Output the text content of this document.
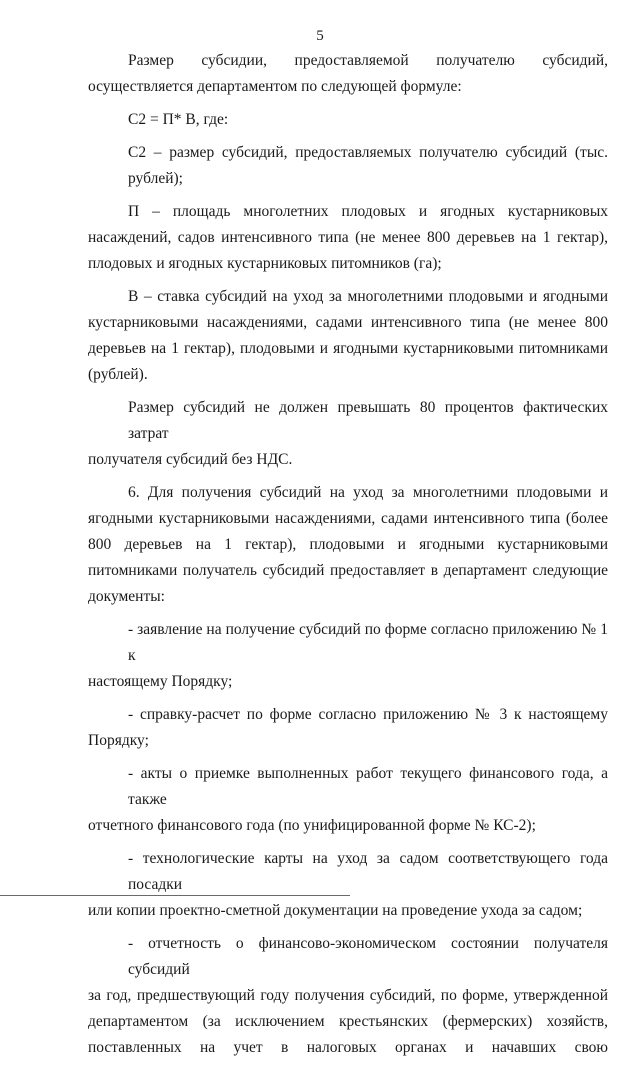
5
Размер субсидии, предоставляемой получателю субсидий,
осуществляется департаментом по следующей формуле:
С2 = П* В, где:
С2 – размер субсидий, предоставляемых получателю субсидий (тыс. рублей);
П – площадь многолетних плодовых и ягодных кустарниковых
насаждений, садов интенсивного типа (не менее 800 деревьев на 1 гектар),
плодовых и ягодных кустарниковых питомников (га);
В – ставка субсидий на уход за многолетними плодовыми и ягодными
кустарниковыми насаждениями, садами интенсивного типа (не менее 800
деревьев на 1 гектар), плодовыми и ягодными кустарниковыми питомниками
(рублей).
Размер субсидий не должен превышать 80 процентов фактических затрат
получателя субсидий без НДС.
6. Для получения субсидий на уход за многолетними плодовыми и
ягодными кустарниковыми насаждениями, садами интенсивного типа (более
800 деревьев на 1 гектар), плодовыми и ягодными кустарниковыми
питомниками получатель субсидий предоставляет в департамент следующие
документы:
- заявление на получение субсидий по форме согласно приложению № 1 к
настоящему Порядку;
- справку-расчет по форме согласно приложению № 3 к настоящему
Порядку;
- акты о приемке выполненных работ текущего финансового года, а также
отчетного финансового года (по унифицированной форме № КС-2);
- технологические карты на уход за садом соответствующего года посадки
или копии проектно-сметной документации на проведение ухода за садом;
- отчетность о финансово-экономическом состоянии получателя субсидий
за год, предшествующий году получения субсидий, по форме, утвержденной
департаментом (за исключением крестьянских (фермерских) хозяйств,
поставленных на учет в налоговых органах и начавших свою
